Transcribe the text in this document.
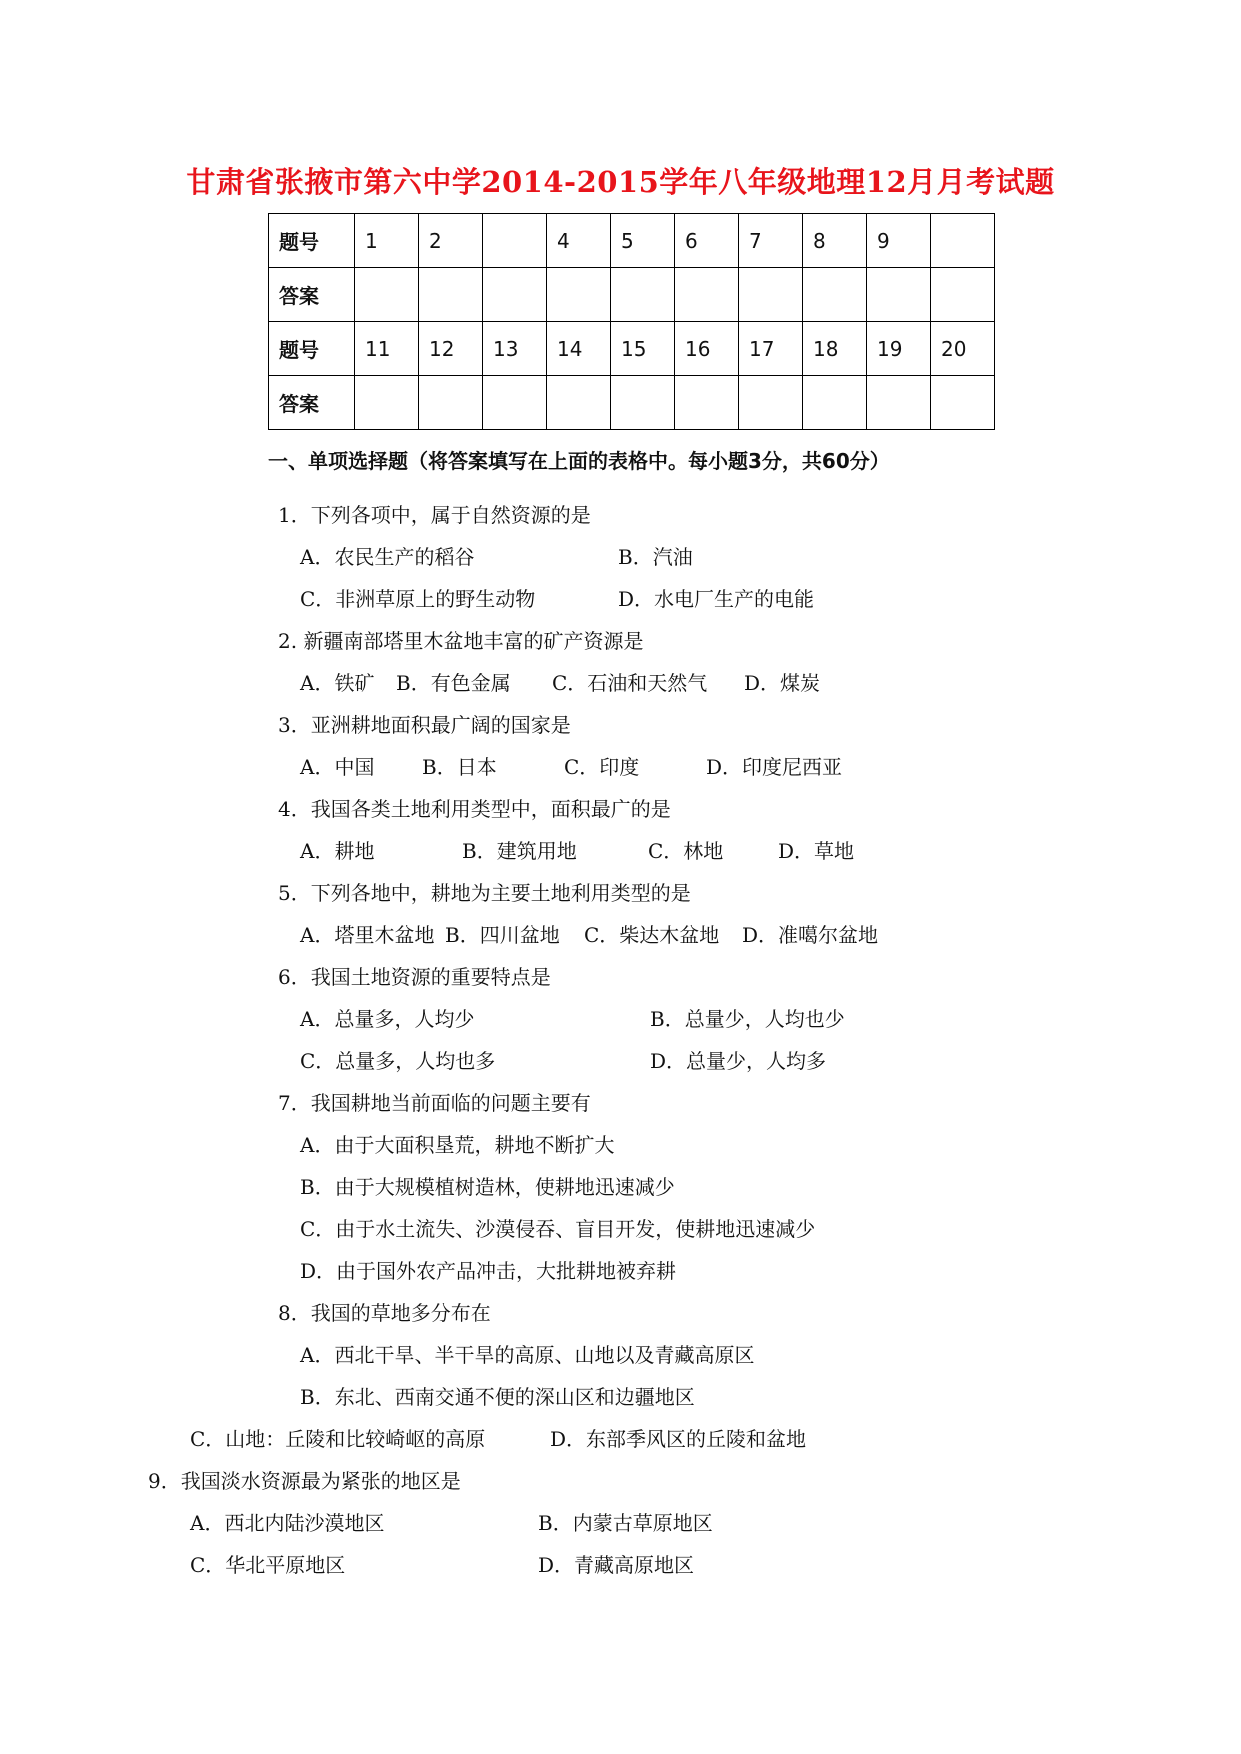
甘肃省张掖市第六中学2014-2015学年八年级地理12月月考试题
题号	1	2		4	5	6	7	8	9	
答案										
题号	11	12	13	14	15	16	17	18	19	20
答案										
一、单项选择题（将答案填写在上面的表格中。每小题3分，共60分）
1．下列各项中，属于自然资源的是
A．农民生产的稻谷	B．汽油
C．非洲草原上的野生动物	D．水电厂生产的电能
2. 新疆南部塔里木盆地丰富的矿产资源是
A．铁矿 B．有色金属 C．石油和天然气 D．煤炭
3．亚洲耕地面积最广阔的国家是
A．中国 B．日本	C．印度	D．印度尼西亚
4．我国各类土地利用类型中，面积最广的是
A．耕地	B．建筑用地	C．林地	D．草地
5．下列各地中，耕地为主要土地利用类型的是
A．塔里木盆地 B．四川盆地 C．柴达木盆地 D．准噶尔盆地
6．我国土地资源的重要特点是
A．总量多，人均少	B．总量少，人均也少
C．总量多，人均也多	D．总量少，人均多
7．我国耕地当前面临的问题主要有
A．由于大面积垦荒，耕地不断扩大
B．由于大规模植树造林，使耕地迅速减少
C．由于水土流失、沙漠侵吞、盲目开发，使耕地迅速减少
D．由于国外农产品冲击，大批耕地被弃耕
8．我国的草地多分布在
A．西北干旱、半干旱的高原、山地以及青藏高原区
B．东北、西南交通不便的深山区和边疆地区
C．山地：丘陵和比较崎岖的高原	D．东部季风区的丘陵和盆地
9．我国淡水资源最为紧张的地区是
A．西北内陆沙漠地区	B．内蒙古草原地区
C．华北平原地区	D．青藏高原地区
